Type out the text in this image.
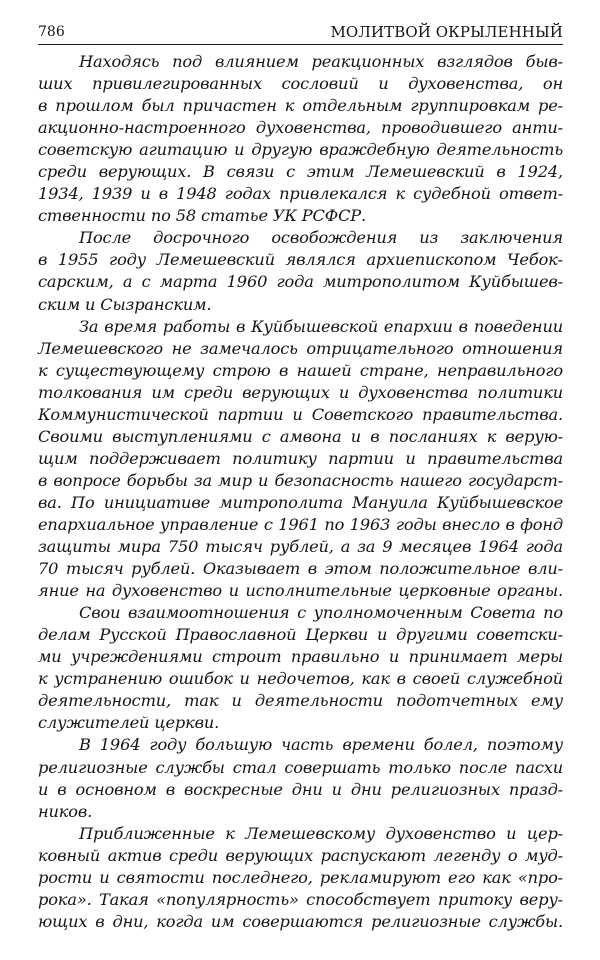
786	МОЛИТВОЙ ОКРЫЛЕННЫЙ
Находясь под влиянием реакционных взглядов быв-
ших привилегированных сословий и духовенства, он
в прошлом был причастен к отдельным группировкам ре-
акционно-настроенного духовенства, проводившего анти-
советскую агитацию и другую враждебную деятельность
среди верующих. В связи с этим Лемешевский в 1924,
1934, 1939 и в 1948 годах привлекался к судебной ответ-
ственности по 58 статье УК РСФСР.
После досрочного освобождения из заключения
в 1955 году Лемешевский являлся архиепископом Чебок-
сарским, а с марта 1960 года митрополитом Куйбышев-
ским и Сызранским.
За время работы в Куйбышевской епархии в поведении
Лемешевского не замечалось отрицательного отношения
к существующему строю в нашей стране, неправильного
толкования им среди верующих и духовенства политики
Коммунистической партии и Советского правительства.
Своими выступлениями с амвона и в посланиях к верую-
щим поддерживает политику партии и правительства
в вопросе борьбы за мир и безопасность нашего государст-
ва. По инициативе митрополита Мануила Куйбышевское
епархиальное управление с 1961 по 1963 годы внесло в фонд
защиты мира 750 тысяч рублей, а за 9 месяцев 1964 года
70 тысяч рублей. Оказывает в этом положительное вли-
яние на духовенство и исполнительные церковные органы.
Свои взаимоотношения с уполномоченным Совета по
делам Русской Православной Церкви и другими советски-
ми учреждениями строит правильно и принимает меры
к устранению ошибок и недочетов, как в своей служебной
деятельности, так и деятельности подотчетных ему
служителей церкви.
В 1964 году большую часть времени болел, поэтому
религиозные службы стал совершать только после пасхи
и в основном в воскресные дни и дни религиозных празд-
ников.
Приближенные к Лемешевскому духовенство и цер-
ковный актив среди верующих распускают легенду о муд-
рости и святости последнего, рекламируют его как «про-
рока». Такая «популярность» способствует притоку веру-
ющих в дни, когда им совершаются религиозные службы.
